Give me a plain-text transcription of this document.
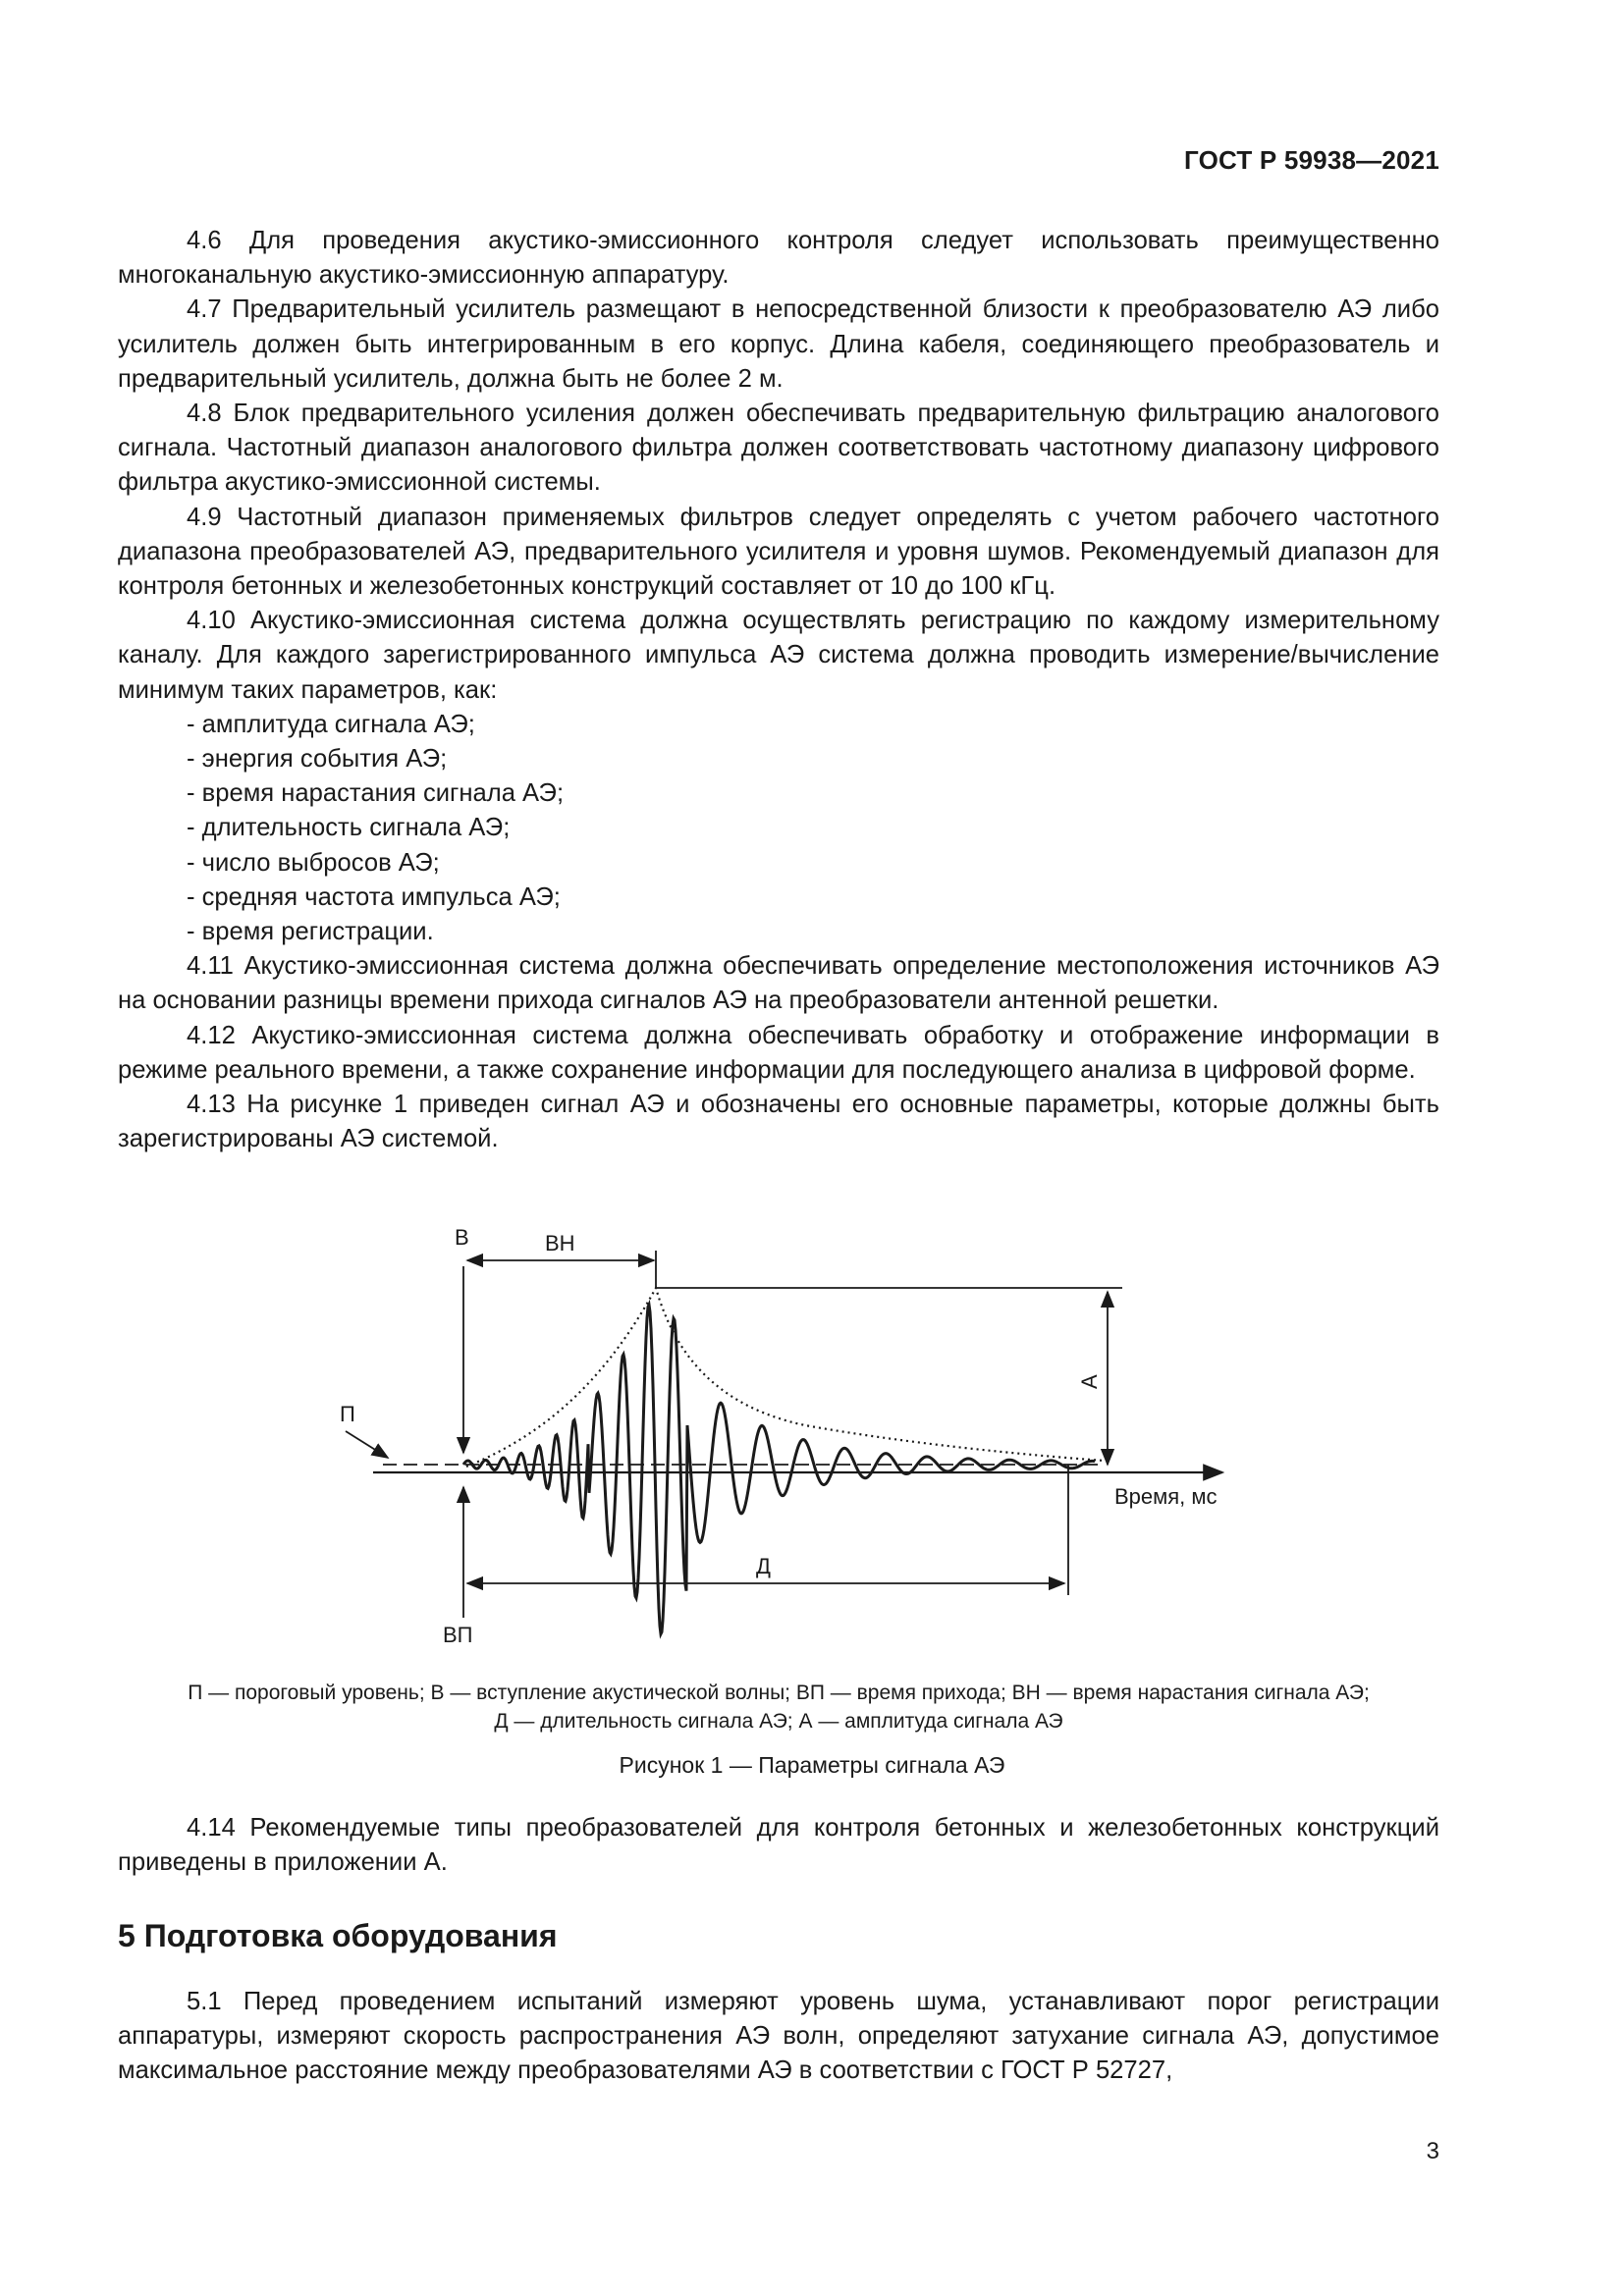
ГОСТ Р 59938—2021

4.6 Для проведения акустико-эмиссионного контроля следует использовать преимущественно многоканальную акустико-эмиссионную аппаратуру.

4.7 Предварительный усилитель размещают в непосредственной близости к преобразователю АЭ либо усилитель должен быть интегрированным в его корпус. Длина кабеля, соединяющего преобразователь и предварительный усилитель, должна быть не более 2 м.

4.8 Блок предварительного усиления должен обеспечивать предварительную фильтрацию аналогового сигнала. Частотный диапазон аналогового фильтра должен соответствовать частотному диапазону цифрового фильтра акустико-эмиссионной системы.

4.9 Частотный диапазон применяемых фильтров следует определять с учетом рабочего частотного диапазона преобразователей АЭ, предварительного усилителя и уровня шумов. Рекомендуемый диапазон для контроля бетонных и железобетонных конструкций составляет от 10 до 100 кГц.

4.10 Акустико-эмиссионная система должна осуществлять регистрацию по каждому измерительному каналу. Для каждого зарегистрированного импульса АЭ система должна проводить измерение/вычисление минимум таких параметров, как:

- амплитуда сигнала АЭ;
- энергия события АЭ;
- время нарастания сигнала АЭ;
- длительность сигнала АЭ;
- число выбросов АЭ;
- средняя частота импульса АЭ;
- время регистрации.

4.11 Акустико-эмиссионная система должна обеспечивать определение местоположения источников АЭ на основании разницы времени прихода сигналов АЭ на преобразователи антенной решетки.

4.12 Акустико-эмиссионная система должна обеспечивать обработку и отображение информации в режиме реального времени, а также сохранение информации для последующего анализа в цифровой форме.

4.13 На рисунке 1 приведен сигнал АЭ и обозначены его основные параметры, которые должны быть зарегистрированы АЭ системой.

В	ВН
А
П
Время, мс
ВП
Д
П — пороговый уровень; В — вступление акустической волны; ВП — время прихода; ВН — время нарастания сигнала АЭ;
Д — длительность сигнала АЭ; А — амплитуда сигнала АЭ
Рисунок 1 — Параметры сигнала АЭ

4.14 Рекомендуемые типы преобразователей для контроля бетонных и железобетонных конструкций приведены в приложении А.

5 Подготовка оборудования

5.1 Перед проведением испытаний измеряют уровень шума, устанавливают порог регистрации аппаратуры, измеряют скорость распространения АЭ волн, определяют затухание сигнала АЭ, допустимое максимальное расстояние между преобразователями АЭ в соответствии с ГОСТ Р 52727,

3
